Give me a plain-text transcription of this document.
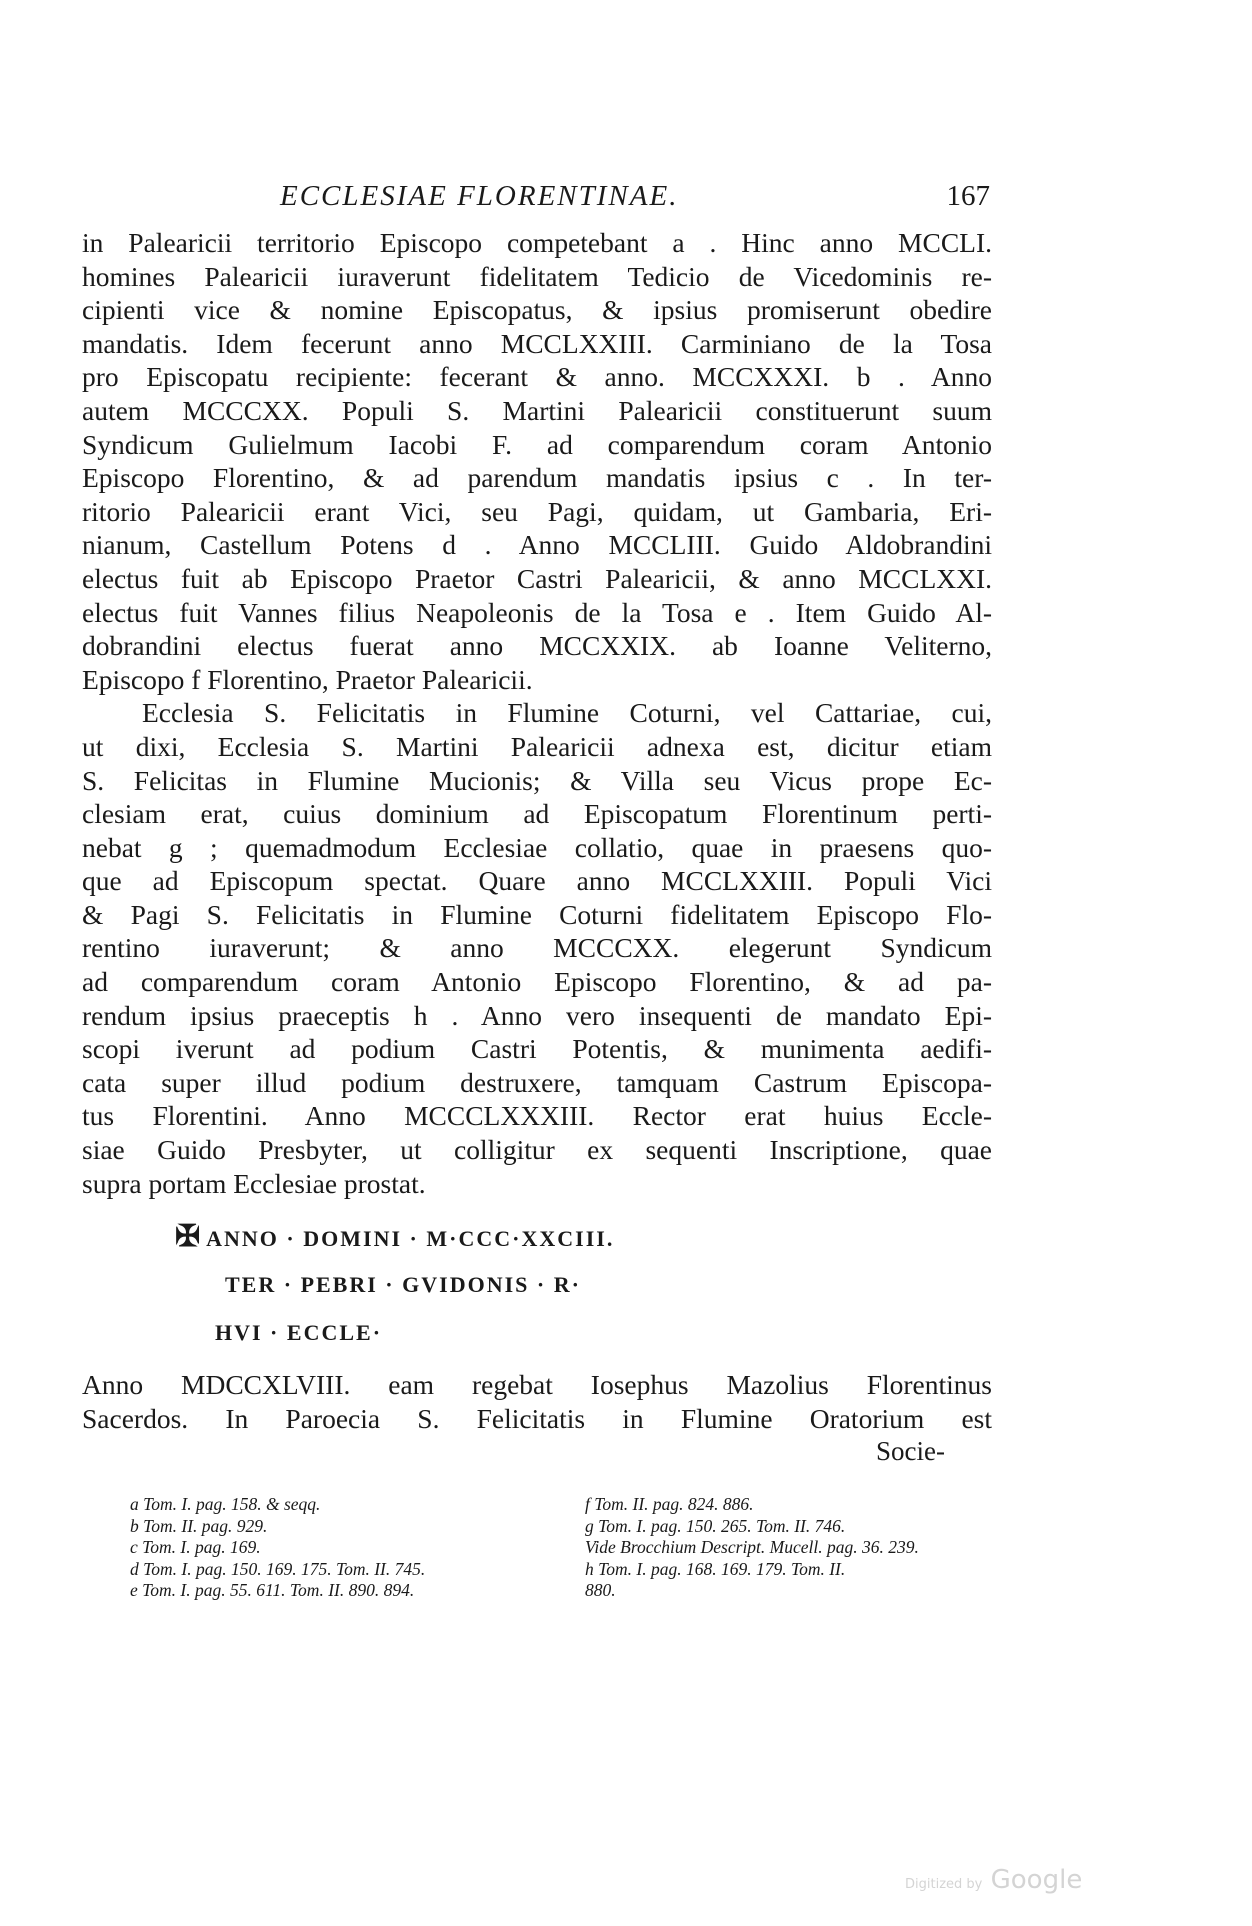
ECCLESIAE FLORENTINAE.	167
in Palearicii territorio Episcopo competebant a . Hinc anno MCCLI.
homines Palearicii iuraverunt fidelitatem Tedicio de Vicedominis re-
cipienti vice & nomine Episcopatus, & ipsius promiserunt obedire
mandatis. Idem fecerunt anno MCCLXXIII. Carminiano de la Tosa
pro Episcopatu recipiente: fecerant & anno. MCCXXXI. b . Anno
autem MCCCXX. Populi S. Martini Palearicii constituerunt suum
Syndicum Gulielmum Iacobi F. ad comparendum coram Antonio
Episcopo Florentino, & ad parendum mandatis ipsius c . In ter-
ritorio Palearicii erant Vici, seu Pagi, quidam, ut Gambaria, Eri-
nianum, Castellum Potens d . Anno MCCLIII. Guido Aldobrandini
electus fuit ab Episcopo Praetor Castri Palearicii, & anno MCCLXXI.
electus fuit Vannes filius Neapoleonis de la Tosa e . Item Guido Al-
dobrandini electus fuerat anno MCCXXIX. ab Ioanne Veliterno,
Episcopo f Florentino, Praetor Palearicii.
Ecclesia S. Felicitatis in Flumine Coturni, vel Cattariae, cui,
ut dixi, Ecclesia S. Martini Palearicii adnexa est, dicitur etiam
S. Felicitas in Flumine Mucionis; & Villa seu Vicus prope Ec-
clesiam erat, cuius dominium ad Episcopatum Florentinum perti-
nebat g ; quemadmodum Ecclesiae collatio, quae in praesens quo-
que ad Episcopum spectat. Quare anno MCCLXXIII. Populi Vici
& Pagi S. Felicitatis in Flumine Coturni fidelitatem Episcopo Flo-
rentino iuraverunt; & anno MCCCXX. elegerunt Syndicum
ad comparendum coram Antonio Episcopo Florentino, & ad pa-
rendum ipsius praeceptis h . Anno vero insequenti de mandato Epi-
scopi iverunt ad podium Castri Potentis, & munimenta aedifi-
cata super illud podium destruxere, tamquam Castrum Episcopa-
tus Florentini. Anno MCCCLXXXIII. Rector erat huius Eccle-
siae Guido Presbyter, ut colligitur ex sequenti Inscriptione, quae
supra portam Ecclesiae prostat.
✠ ANNO · DOMINI · M·CCC·XXCIII.
TER · PEBRI · GVIDONIS · R·
HVI · ECCLE·
Anno MDCCXLVIII. eam regebat Iosephus Mazolius Florentinus
Sacerdos. In Paroecia S. Felicitatis in Flumine Oratorium est
Socie-
a Tom. I. pag. 158. & seqq.
b Tom. II. pag. 929.
c Tom. I. pag. 169.
d Tom. I. pag. 150. 169. 175. Tom. II. 745.
e Tom. I. pag. 55. 611. Tom. II. 890. 894.
f Tom. II. pag. 824. 886.
g Tom. I. pag. 150. 265. Tom. II. 746.
Vide Brocchium Descript. Mucell. pag. 36. 239.
h Tom. I. pag. 168. 169. 179. Tom. II.
880.
Digitized by Google
